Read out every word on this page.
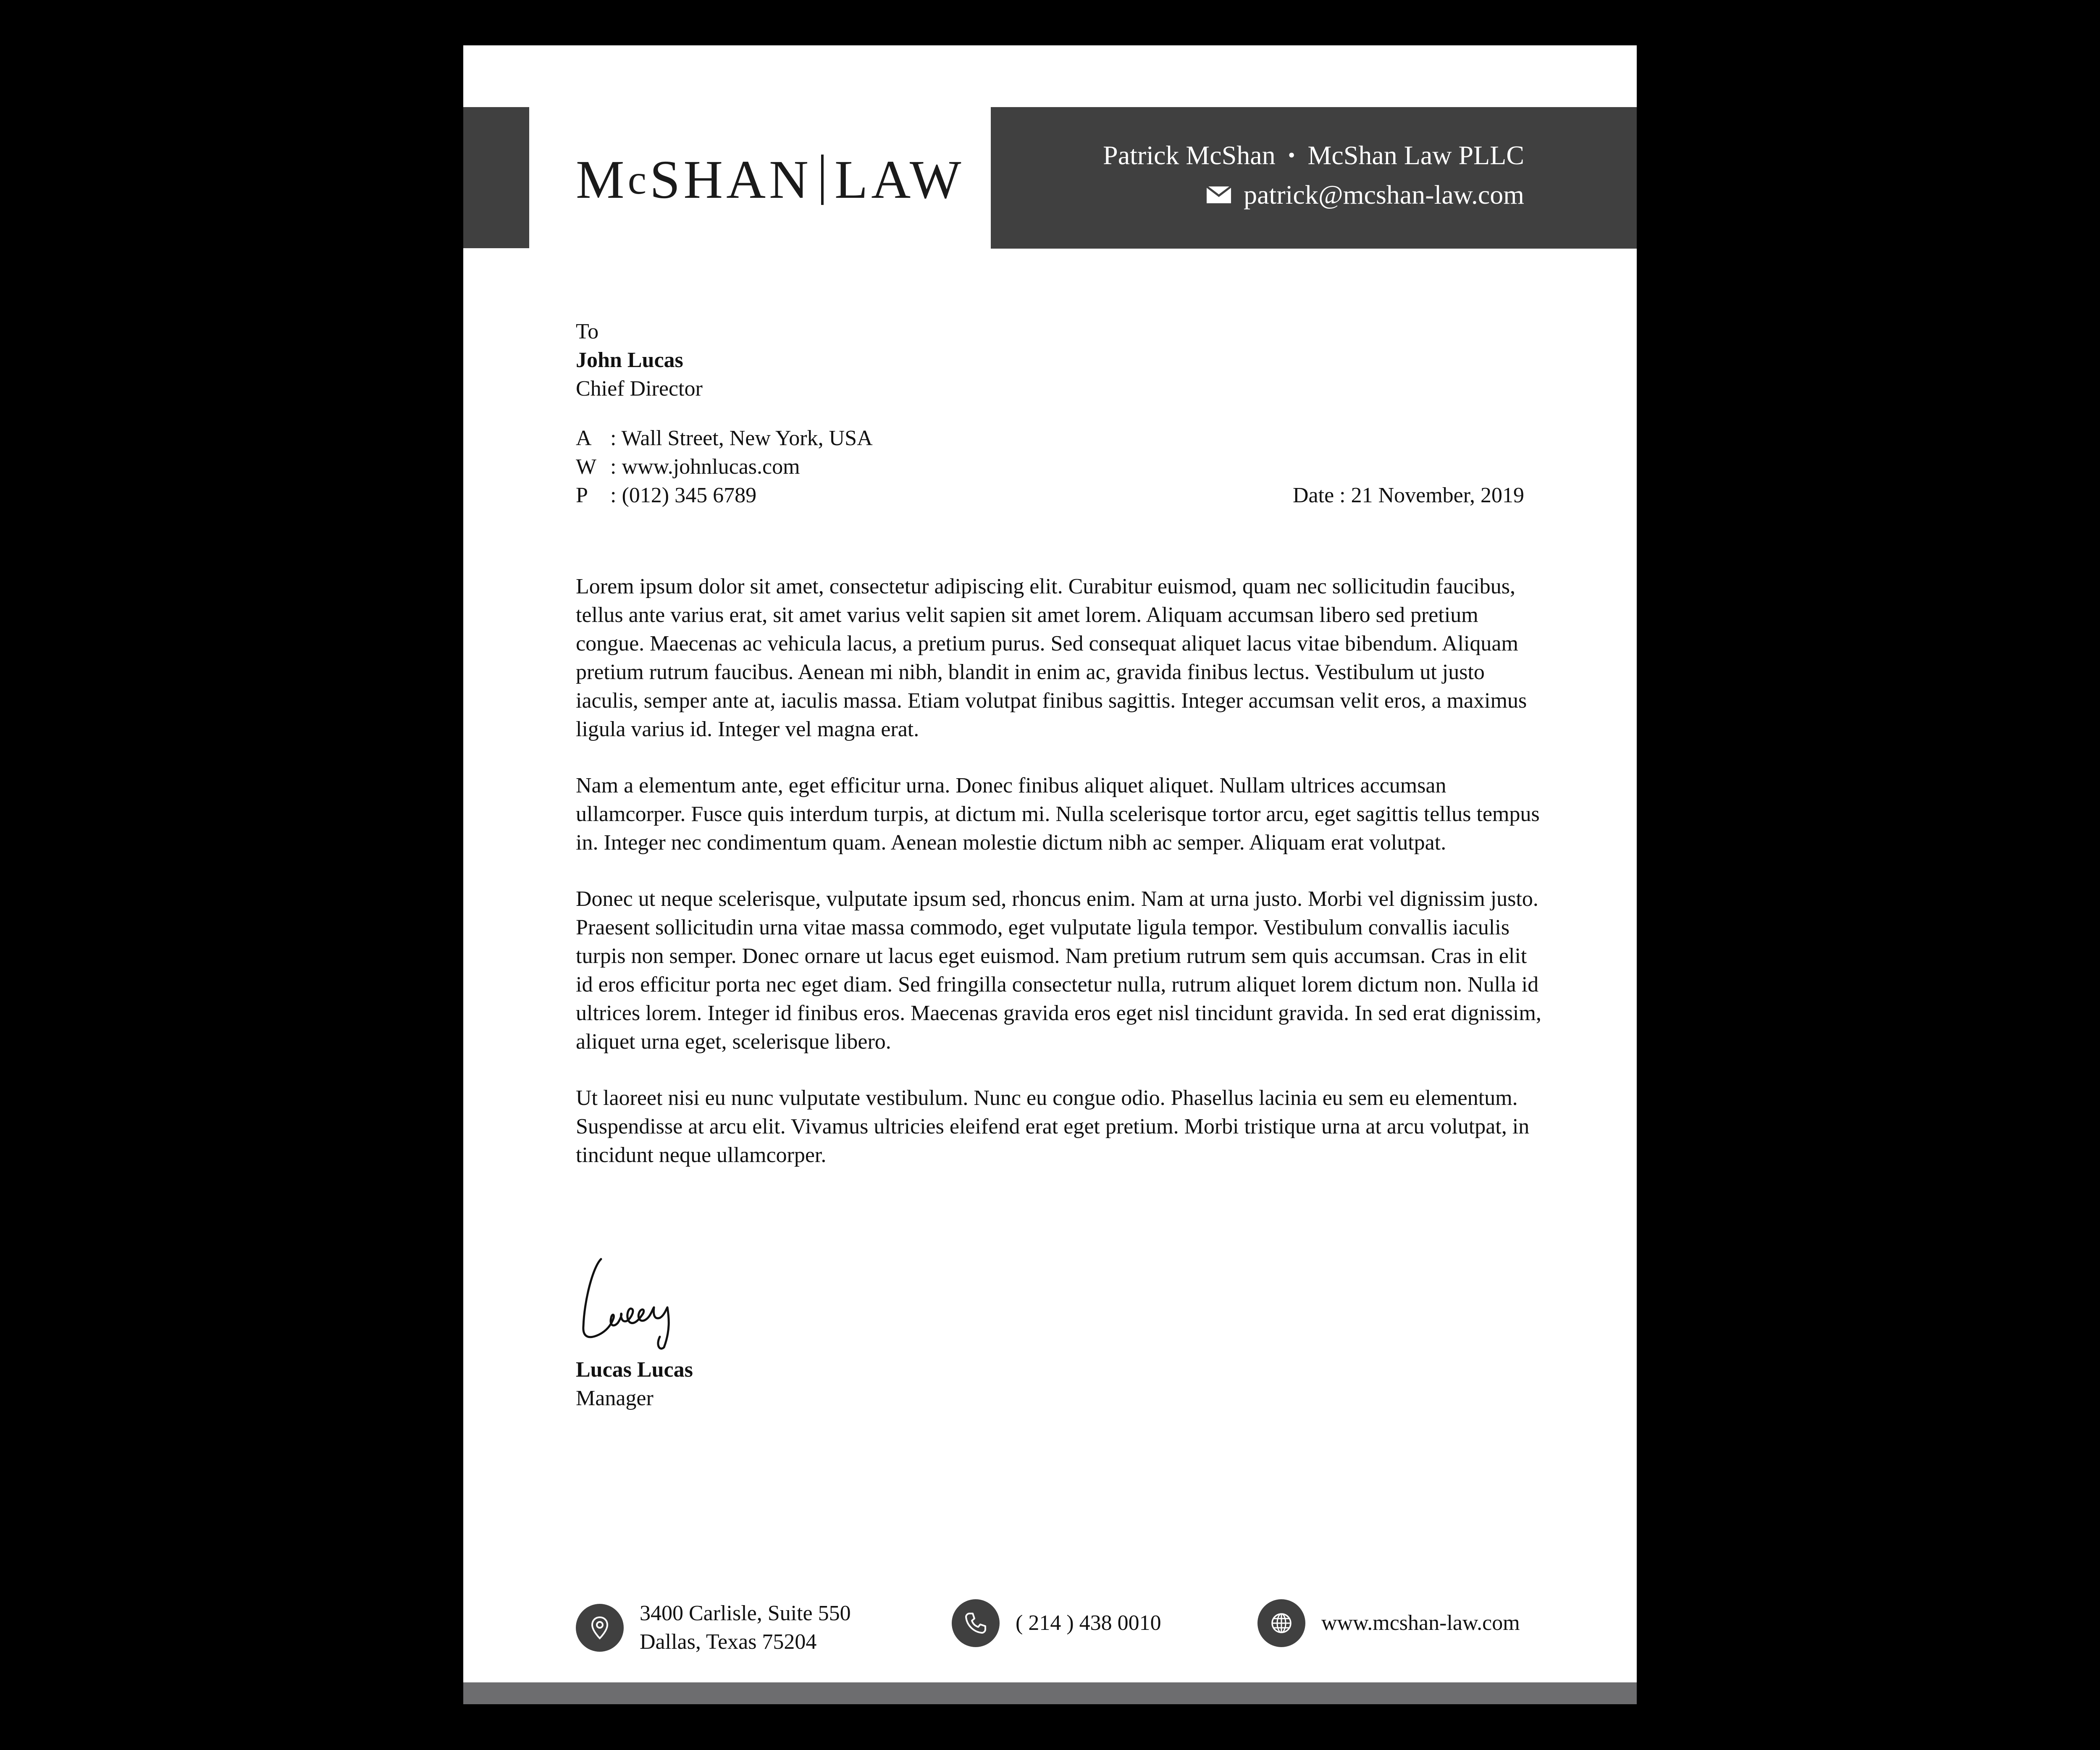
M c SHAN LAW	Patrick McShan • McShan Law PLLC
patrick@mcshan-law.com
To
John Lucas
Chief Director
A : Wall Street, New York, USA
W : www.johnlucas.com
P	: (012) 345 6789	Date : 21 November, 2019

Lorem ipsum dolor sit amet, consectetur adipiscing elit. Curabitur euismod, quam nec sollicitudin faucibus, tellus ante varius erat, sit amet varius velit sapien sit amet lorem. Aliquam accumsan libero sed pretium congue. Maecenas ac vehicula lacus, a pretium purus. Sed consequat aliquet lacus vitae bibendum. Aliquam pretium rutrum faucibus. Aenean mi nibh, blandit in enim ac, gravida finibus lectus. Vestibulum ut justo iaculis, semper ante at, iaculis massa. Etiam volutpat finibus sagittis. Integer accumsan velit eros, a maximus ligula varius id. Integer vel magna erat.

Nam a elementum ante, eget efficitur urna. Donec finibus aliquet aliquet. Nullam ultrices accumsan ullamcorper. Fusce quis interdum turpis, at dictum mi. Nulla scelerisque tortor arcu, eget sagittis tellus tempus in. Integer nec condimentum quam. Aenean molestie dictum nibh ac semper. Aliquam erat volutpat.

Donec ut neque scelerisque, vulputate ipsum sed, rhoncus enim. Nam at urna justo. Morbi vel dignissim justo. Praesent sollicitudin urna vitae massa commodo, eget vulputate ligula tempor. Vestibulum convallis iaculis turpis non semper. Donec ornare ut lacus eget euismod. Nam pretium rutrum sem quis accumsan. Cras in elit id eros efficitur porta nec eget diam. Sed fringilla consectetur nulla, rutrum aliquet lorem dictum non. Nulla id ultrices lorem. Integer id finibus eros. Maecenas gravida eros eget nisl tincidunt gravida. In sed erat dignissim, aliquet urna eget, scelerisque libero.

Ut laoreet nisi eu nunc vulputate vestibulum. Nunc eu congue odio. Phasellus lacinia eu sem eu elementum. Suspendisse at arcu elit. Vivamus ultricies eleifend erat eget pretium. Morbi tristique urna at arcu volutpat, in tincidunt neque ullamcorper.

Lucas Lucas
Manager
3400 Carlisle, Suite 550
Dallas, Texas 75204
( 214 ) 438 0010	www.mcshan-law.com
